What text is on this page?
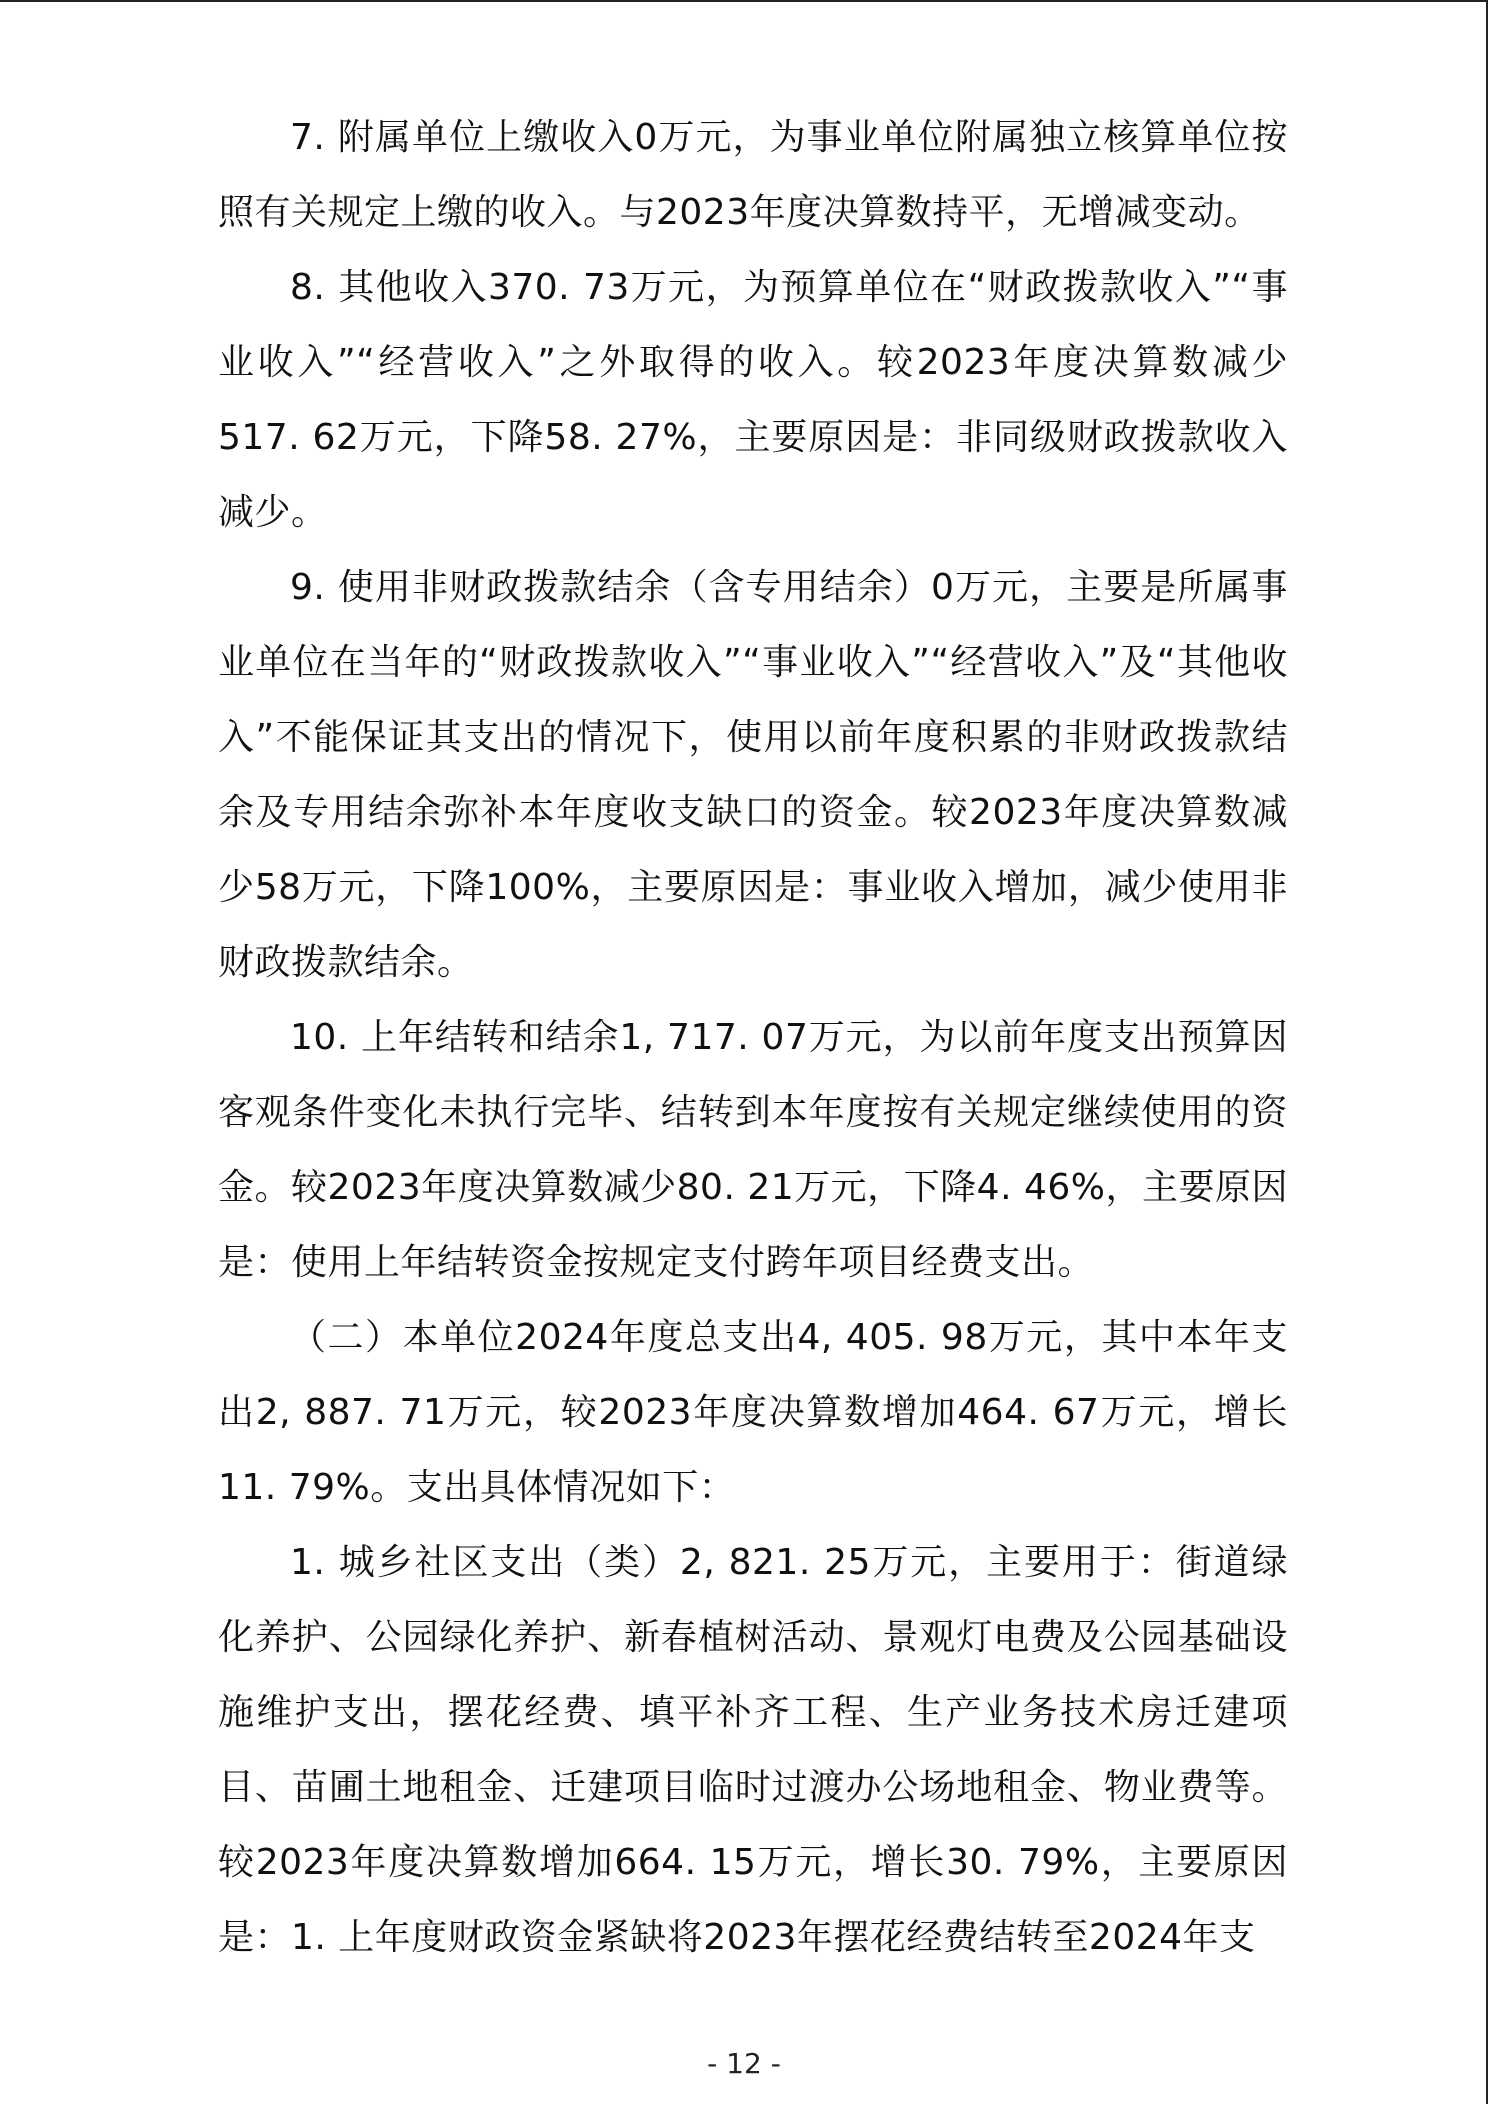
7. 附属单位上缴收入0万元，为事业单位附属独立核算单位按照有关规定上缴的收入。与2023年度决算数持平，无增减变动。

8. 其他收入370. 73万元，为预算单位在“财政拨款收入”“事业收入”“经营收入”之外取得的收入。较2023年度决算数减少517. 62万元，下降58. 27%，主要原因是：非同级财政拨款收入减少。

9. 使用非财政拨款结余（含专用结余）0万元，主要是所属事业单位在当年的“财政拨款收入”“事业收入”“经营收入”及“其他收入”不能保证其支出的情况下，使用以前年度积累的非财政拨款结余及专用结余弥补本年度收支缺口的资金。较2023年度决算数减少58万元，下降100%，主要原因是：事业收入增加，减少使用非财政拨款结余。

10. 上年结转和结余1, 717. 07万元，为以前年度支出预算因客观条件变化未执行完毕、结转到本年度按有关规定继续使用的资金。较2023年度决算数减少80. 21万元，下降4. 46%，主要原因是：使用上年结转资金按规定支付跨年项目经费支出。

（二）本单位2024年度总支出4, 405. 98万元，其中本年支出2, 887. 71万元，较2023年度决算数增加464. 67万元，增长11. 79%。支出具体情况如下：

1. 城乡社区支出（类）2, 821. 25万元，主要用于：街道绿化养护、公园绿化养护、新春植树活动、景观灯电费及公园基础设施维护支出，摆花经费、填平补齐工程、生产业务技术房迁建项目、苗圃土地租金、迁建项目临时过渡办公场地租金、物业费等。较2023年度决算数增加664. 15万元，增长30. 79%，主要原因是：1. 上年度财政资金紧缺将2023年摆花经费结转至2024年支

- 12 -
